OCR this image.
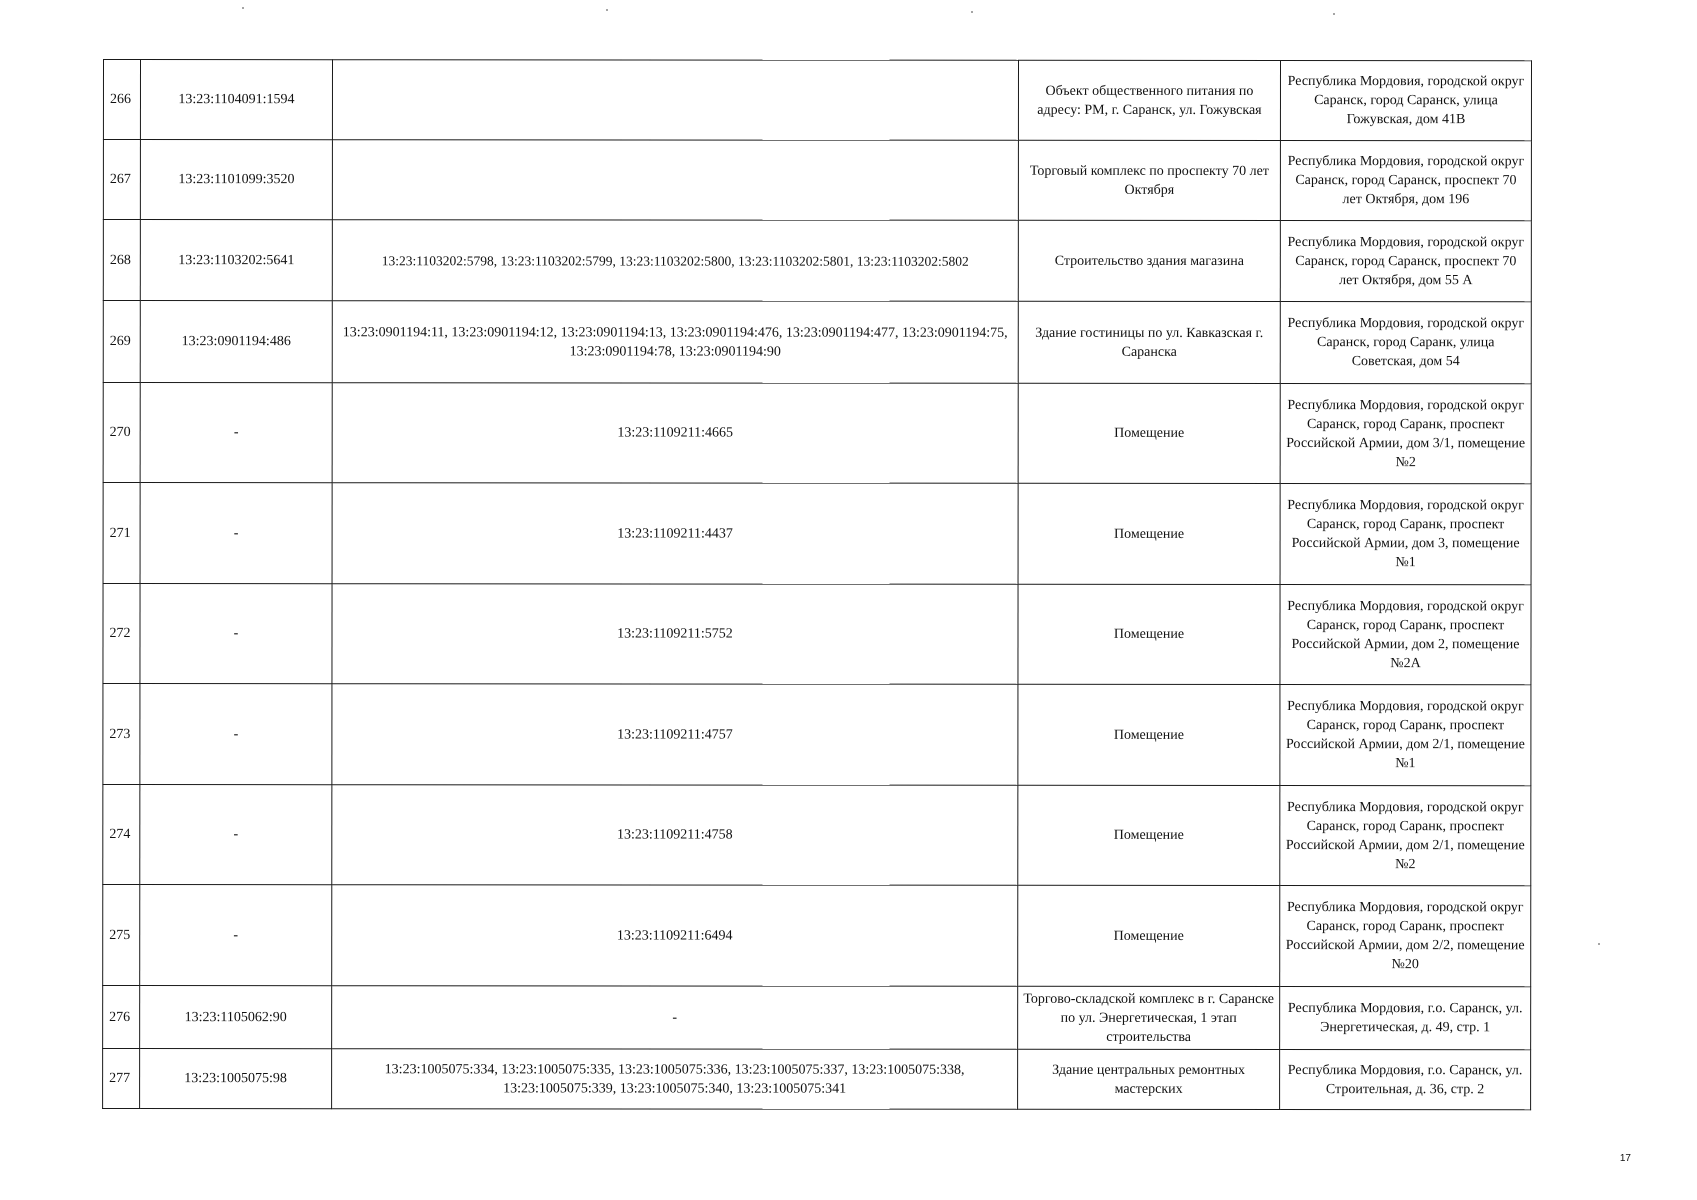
266	13:23:1104091:1594		Объект общественного питания по адресу: РМ, г. Саранск, ул. Гожувская	Республика Мордовия, городской округ Саранск, город Саранск, улица Гожувская, дом 41В
267	13:23:1101099:3520		Торговый комплекс по проспекту 70 лет Октября	Республика Мордовия, городской округ Саранск, город Саранск, проспект 70 лет Октября, дом 196
268	13:23:1103202:5641	13:23:1103202:5798, 13:23:1103202:5799, 13:23:1103202:5800, 13:23:1103202:5801, 13:23:1103202:5802	Строительство здания магазина	Республика Мордовия, городской округ Саранск, город Саранск, проспект 70 лет Октября, дом 55 А
269	13:23:0901194:486	13:23:0901194:11, 13:23:0901194:12, 13:23:0901194:13, 13:23:0901194:476, 13:23:0901194:477, 13:23:0901194:75, 13:23:0901194:78, 13:23:0901194:90	Здание гостиницы по ул. Кавказская г. Саранска	Республика Мордовия, городской округ Саранск, город Саранк, улица Советская, дом 54
270	-	13:23:1109211:4665	Помещение	Республика Мордовия, городской округ Саранск, город Саранк, проспект Российской Армии, дом 3/1, помещение №2
271	-	13:23:1109211:4437	Помещение	Республика Мордовия, городской округ Саранск, город Саранк, проспект Российской Армии, дом 3, помещение №1
272	-	13:23:1109211:5752	Помещение	Республика Мордовия, городской округ Саранск, город Саранк, проспект Российской Армии, дом 2, помещение №2А
273	-	13:23:1109211:4757	Помещение	Республика Мордовия, городской округ Саранск, город Саранк, проспект Российской Армии, дом 2/1, помещение №1
274	-	13:23:1109211:4758	Помещение	Республика Мордовия, городской округ Саранск, город Саранк, проспект Российской Армии, дом 2/1, помещение №2
275	-	13:23:1109211:6494	Помещение	Республика Мордовия, городской округ Саранск, город Саранк, проспект Российской Армии, дом 2/2, помещение №20
276	13:23:1105062:90	-	Торгово-складской комплекс в г. Саранске по ул. Энергетическая, 1 этап строительства	Республика Мордовия, г.о. Саранск, ул. Энергетическая, д. 49, стр. 1
277	13:23:1005075:98	13:23:1005075:334, 13:23:1005075:335, 13:23:1005075:336, 13:23:1005075:337, 13:23:1005075:338, 13:23:1005075:339, 13:23:1005075:340, 13:23:1005075:341	Здание центральных ремонтных мастерских	Республика Мордовия, г.о. Саранск, ул. Строительная, д. 36, стр. 2
17
